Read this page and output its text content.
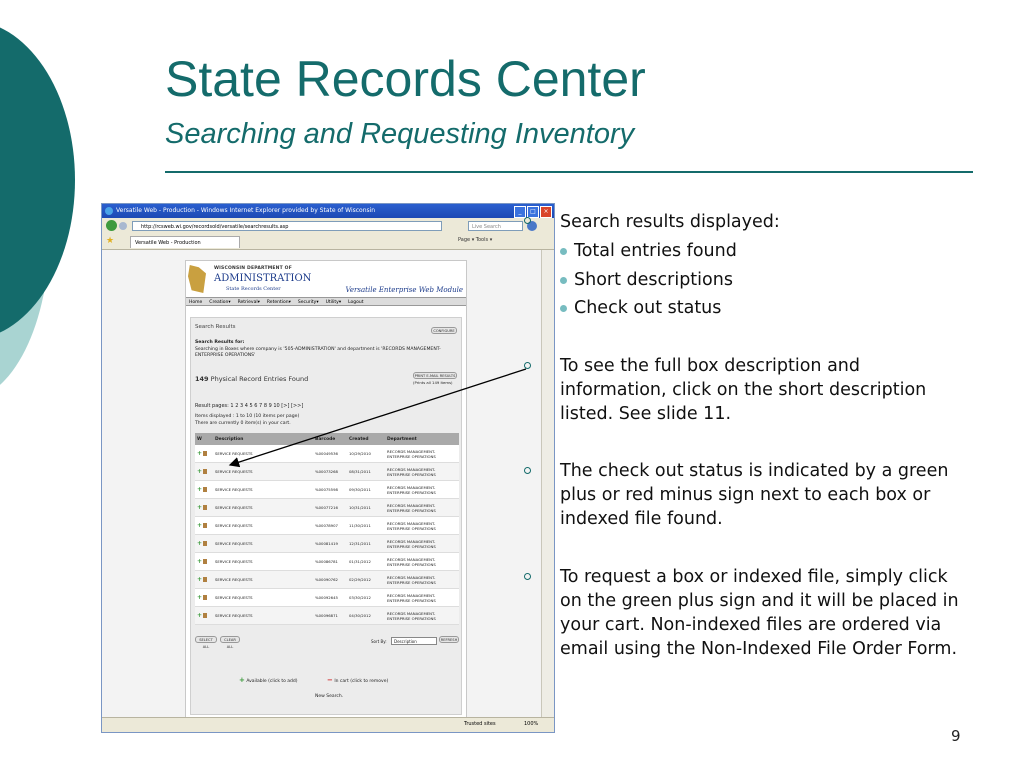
State Records Center
Searching and Requesting Inventory
Versatile Web - Production - Windows Internet Explorer provided by State of Wisconsin	_	□	×
http://rcsweb.wi.gov/recordsold/versatile/searchresults.asp	Live Search
★	Versatile Web - Production	Page ▾ Tools ▾
WISCONSIN DEPARTMENT OF
ADMINISTRATION
State Records Center	Versatile Enterprise Web Module
Home Creation▾ Retrieval▾ Retention▾ Security▾ Utility▾ Logout
Search Results
CONFIGURE
Search Results for:
Searching in Boxes where company is '505-ADMINISTRATION' and department is 'RECORDS MANAGEMENT-ENTERPRISE OPERATIONS'
149 Physical Record Entries Found	PRINT E-MAIL RESULTS
(Prints all 149 items)
Result pages: 1 2 3 4 5 6 7 8 9 10 [>] [>>]
Items displayed : 1 to 10 (10 items per page)
There are currently 0 item(s) in your cart.
W	Description	Barcode	Created	Department
+	SERVICE REQUESTS	%00049536	10/29/2010	RECORDS MANAGEMENT-ENTERPRISE OPERATIONS
+	SERVICE REQUESTS	%00073268	08/31/2011	RECORDS MANAGEMENT-ENTERPRISE OPERATIONS
+	SERVICE REQUESTS	%00075598	09/30/2011	RECORDS MANAGEMENT-ENTERPRISE OPERATIONS
+	SERVICE REQUESTS	%00077216	10/31/2011	RECORDS MANAGEMENT-ENTERPRISE OPERATIONS
+	SERVICE REQUESTS	%00078907	11/30/2011	RECORDS MANAGEMENT-ENTERPRISE OPERATIONS
+	SERVICE REQUESTS	%00081419	12/31/2011	RECORDS MANAGEMENT-ENTERPRISE OPERATIONS
+	SERVICE REQUESTS	%00086781	01/31/2012	RECORDS MANAGEMENT-ENTERPRISE OPERATIONS
+	SERVICE REQUESTS	%00090762	02/29/2012	RECORDS MANAGEMENT-ENTERPRISE OPERATIONS
+	SERVICE REQUESTS	%00092645	03/30/2012	RECORDS MANAGEMENT-ENTERPRISE OPERATIONS
+	SERVICE REQUESTS	%00096871	04/30/2012	RECORDS MANAGEMENT-ENTERPRISE OPERATIONS
SELECT ALL
CLEAR ALL
Sort By:	Description	REFRESH
+ Available (click to add)	− In cart (click to remove)
New Search.
Trusted sites	100%
Search results displayed:
Total entries found
Short descriptions
Check out status
To see the full box description and information, click on the short description listed. See slide 11.
The check out status is indicated by a green plus or red minus sign next to each box or indexed file found.
To request a box or indexed file, simply click on the green plus sign and it will be placed in your cart. Non-indexed files are ordered via email using the Non-Indexed File Order Form.
9
